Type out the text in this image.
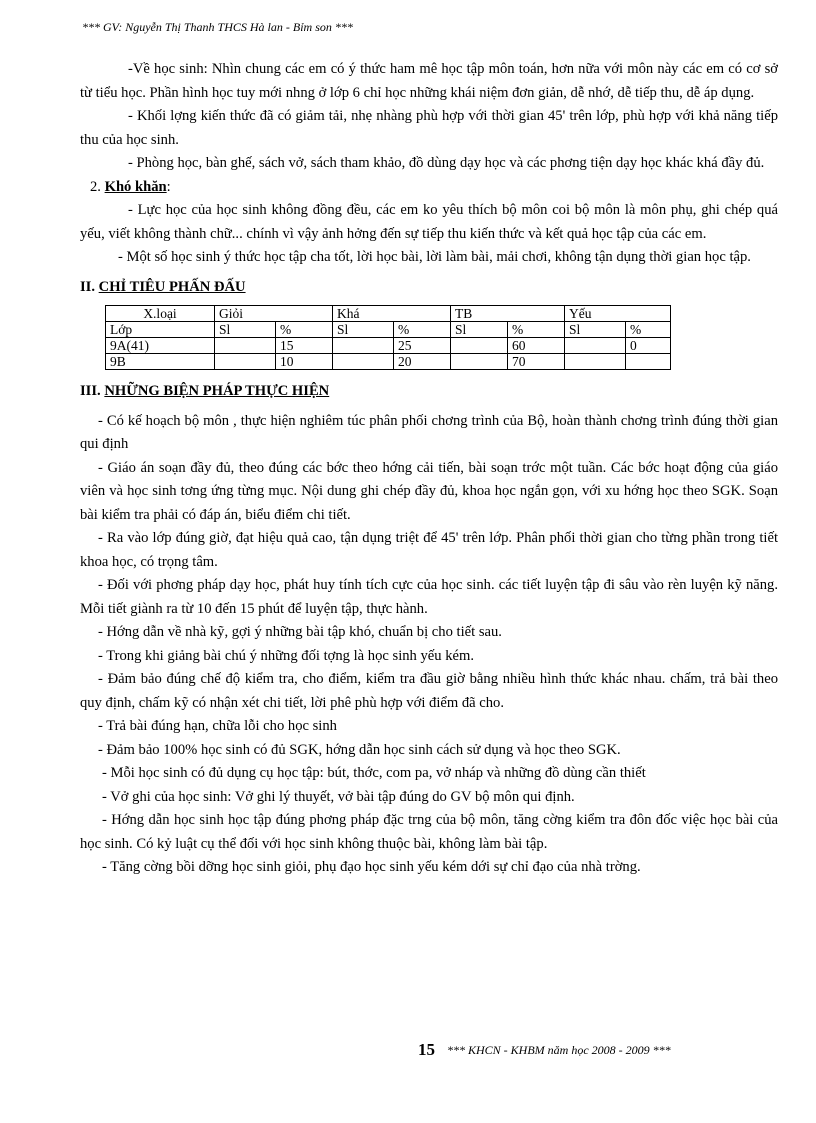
*** GV: Nguyễn Thị Thanh THCS Hà lan - Bỉm son ***

-Về học sinh: Nhìn chung các em có ý thức ham mê học tập môn toán, hơn nữa với môn này các em có cơ sở từ tiểu học. Phần hình học tuy mới nhng ở lớp 6 chỉ học những khái niệm đơn giản, dễ nhớ, dễ tiếp thu, dễ áp dụng.

- Khối lợng kiến thức đã có giảm tải, nhẹ nhàng phù hợp với thời gian 45' trên lớp, phù hợp với khả năng tiếp thu của học sinh.

- Phòng học, bàn ghế, sách vở, sách tham khảo, đồ dùng dạy học và các phơng tiện dạy học khác khá đầy đủ.

2. Khó khăn:

- Lực học của học sinh không đồng đều, các em ko yêu thích bộ môn coi bộ môn là môn phụ, ghi chép quá yếu, viết không thành chữ... chính vì vậy ảnh hởng đến sự tiếp thu kiến thức và kết quả học tập của các em.

- Một số học sinh ý thức học tập cha tốt, lời học bài, lời làm bài, mải chơi, không tận dụng thời gian học tập.

II. CHỈ TIÊU PHẤN ĐẤU

X.loại	Giỏi		Khá		TB		Yếu	
Lớp	Sl	%	Sl	%	Sl	%	Sl	%
9A(41)		15		25		60		0
9B		10		20		70		

III. NHỮNG BIỆN PHÁP THỰC HIỆN

- Có kế hoạch bộ môn , thực hiện nghiêm túc phân phối chơng trình của Bộ, hoàn thành chơng trình đúng thời gian qui định

- Giáo án soạn đầy đủ, theo đúng các bớc theo hớng cải tiến, bài soạn trớc một tuần. Các bớc hoạt động của giáo viên và học sinh tơng ứng từng mục. Nội dung ghi chép đầy đủ, khoa học ngắn gọn, với xu hớng học theo SGK. Soạn bài kiểm tra phải có đáp án, biểu điểm chi tiết.

- Ra vào lớp đúng giờ, đạt hiệu quả cao, tận dụng triệt để 45' trên lớp. Phân phối thời gian cho từng phần trong tiết khoa học, có trọng tâm.

- Đối với phơng pháp dạy học, phát huy tính tích cực của học sinh. các tiết luyện tập đi sâu vào rèn luyện kỹ năng. Mỗi tiết giành ra từ 10 đến 15 phút để luyện tập, thực hành.

- Hớng dẫn về nhà kỹ, gợi ý những bài tập khó, chuẩn bị cho tiết sau.

- Trong khi giảng bài chú ý những đối tợng là học sinh yếu kém.

- Đảm bảo đúng chế độ kiểm tra, cho điểm, kiểm tra đầu giờ bằng nhiều hình thức khác nhau. chấm, trả bài theo quy định, chấm kỹ có nhận xét chi tiết, lời phê phù hợp với điểm đã cho.

- Trả bài đúng hạn, chữa lỗi cho học sinh

- Đảm bảo 100% học sinh có đủ SGK, hớng dẫn học sinh cách sử dụng và học theo SGK.

- Mỗi học sinh có đủ dụng cụ học tập: bút, thớc, com pa, vở nháp và những đồ dùng cần thiết

- Vở ghi của học sinh: Vở ghi lý thuyết, vở bài tập đúng do GV bộ môn qui định.

- Hớng dẫn học sinh học tập đúng phơng pháp đặc trng của bộ môn, tăng cờng kiểm tra đôn đốc việc học bài của học sinh. Có kỷ luật cụ thể đối với học sinh không thuộc bài, không làm bài tập.

- Tăng cờng bồi dỡng học sinh giỏi, phụ đạo học sinh yếu kém dới sự chỉ đạo của nhà trờng.

15 *** KHCN - KHBM năm học 2008 - 2009 ***
